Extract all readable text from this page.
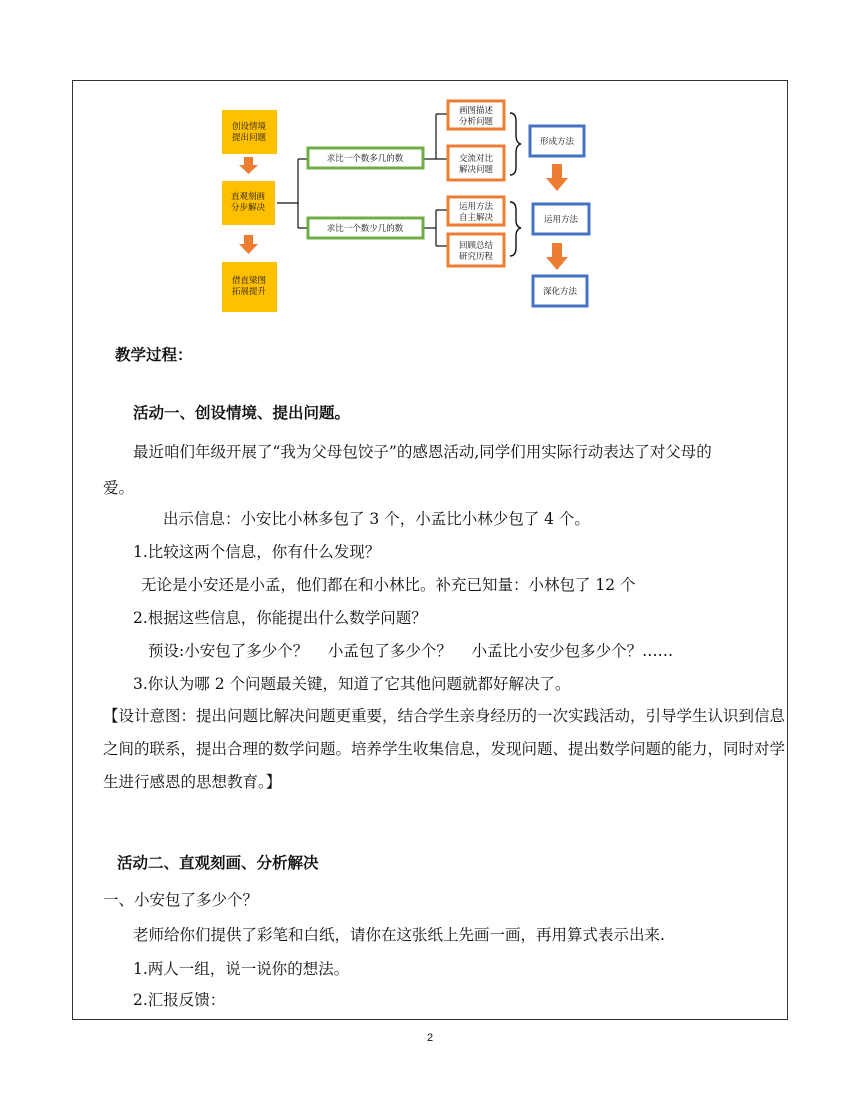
创设情境提出问题
直观刻画分步解决
借直梁图拓展提升
求比一个数多几的数
求比一个数少几的数
画图描述分析问题
交流对比解决问题
运用方法自主解决
回顾总结研究历程
形成方法
运用方法
深化方法
教学过程：
活动一、创设情境、提出问题。
最近咱们年级开展了“我为父母包饺子”的感恩活动,同学们用实际行动表达了对父母的
爱。
出示信息：小安比小林多包了 3 个，小孟比小林少包了 4 个。
1.比较这两个信息，你有什么发现？
无论是小安还是小孟，他们都在和小林比。补充已知量：小林包了 12 个
2.根据这些信息，你能提出什么数学问题？
预设:小安包了多少个？    小孟包了多少个？    小孟比小安少包多少个？……
3.你认为哪 2 个问题最关键，知道了它其他问题就都好解决了。
【设计意图：提出问题比解决问题更重要，结合学生亲身经历的一次实践活动，引导学生认识到信息之间的联系，提出合理的数学问题。培养学生收集信息，发现问题、提出数学问题的能力，同时对学生进行感恩的思想教育。】
活动二、直观刻画、分析解决
一、小安包了多少个？
老师给你们提供了彩笔和白纸，请你在这张纸上先画一画，再用算式表示出来.
1.两人一组，说一说你的想法。
2.汇报反馈：
2
